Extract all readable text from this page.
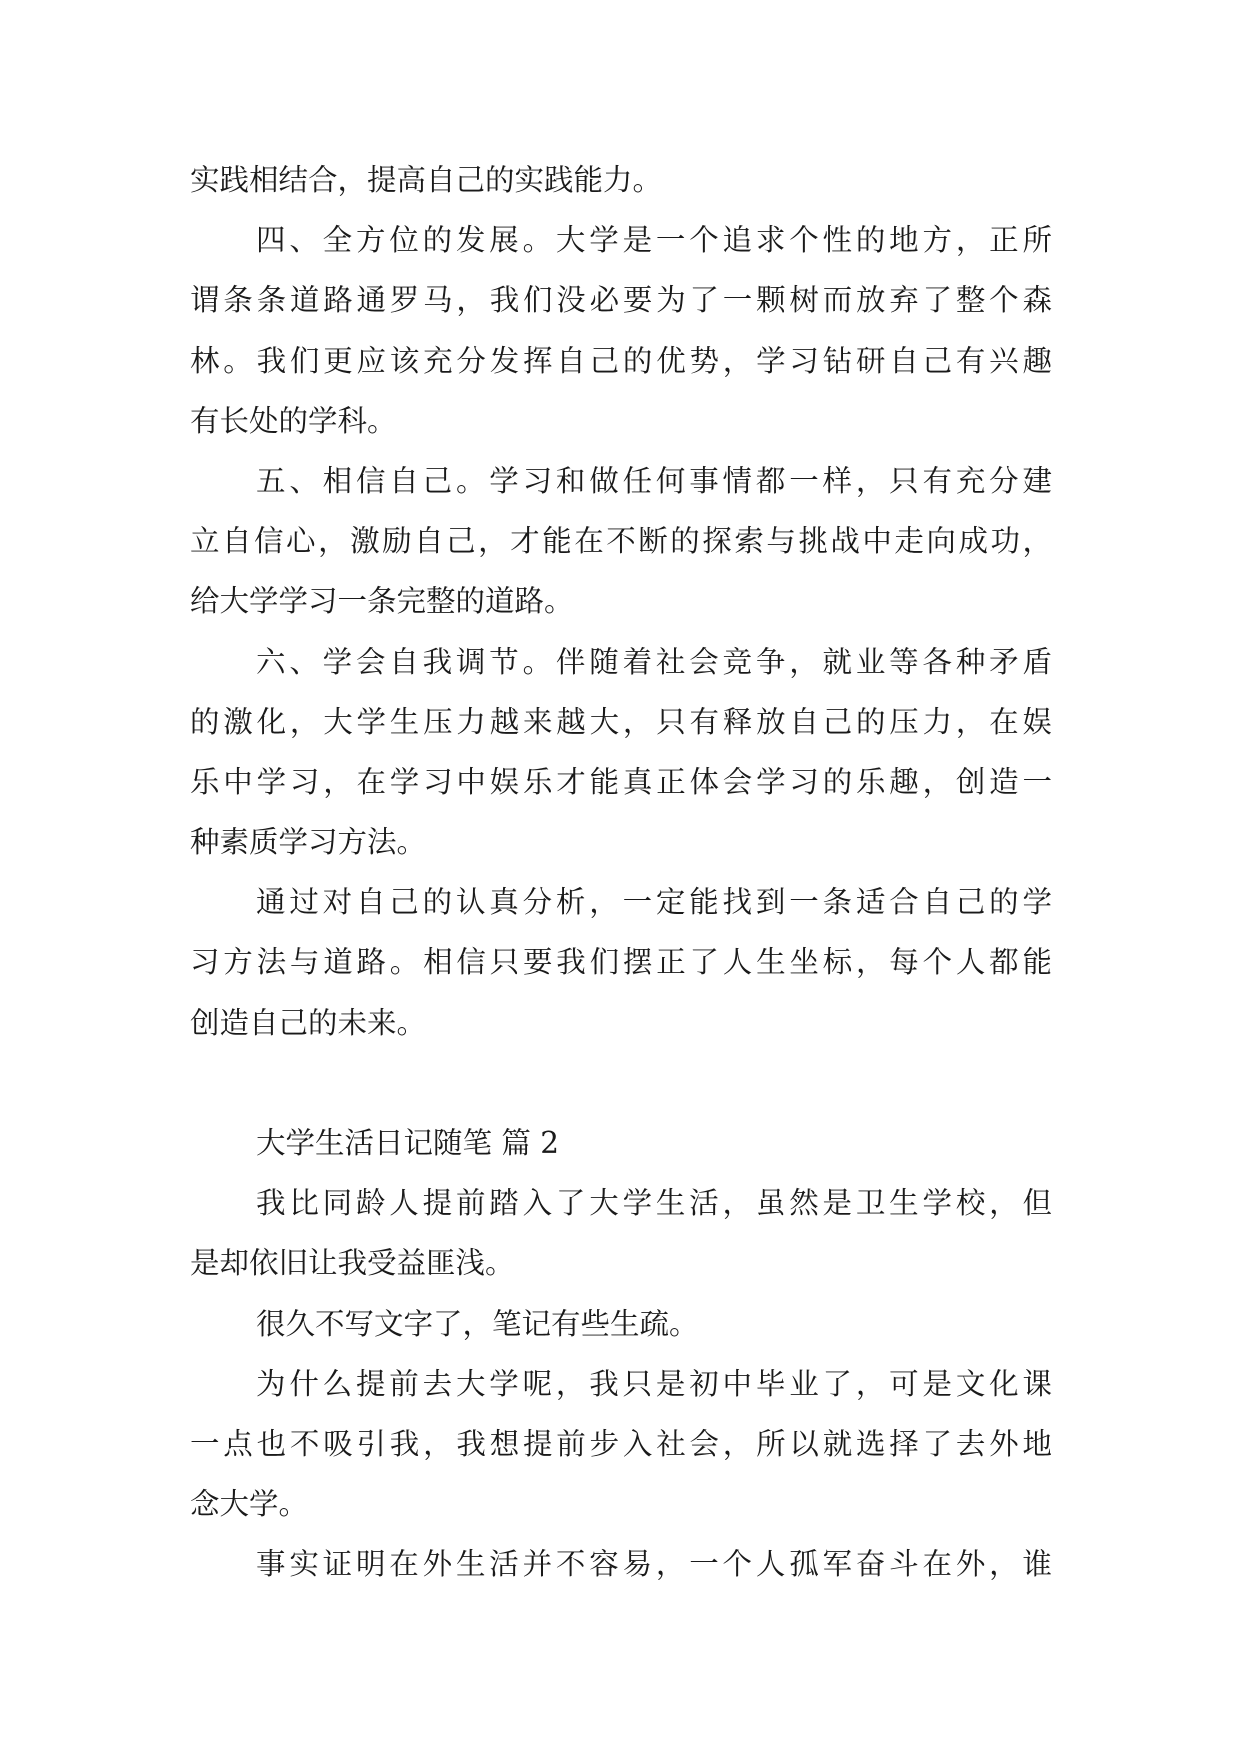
实践相结合，提高自己的实践能力。
四、全方位的发展。大学是一个追求个性的地方，正所
谓条条道路通罗马，我们没必要为了一颗树而放弃了整个森
林。我们更应该充分发挥自己的优势，学习钻研自己有兴趣
有长处的学科。
五、相信自己。学习和做任何事情都一样，只有充分建
立自信心，激励自己，才能在不断的探索与挑战中走向成功，
给大学学习一条完整的道路。
六、学会自我调节。伴随着社会竞争，就业等各种矛盾
的激化，大学生压力越来越大，只有释放自己的压力，在娱
乐中学习，在学习中娱乐才能真正体会学习的乐趣，创造一
种素质学习方法。
通过对自己的认真分析，一定能找到一条适合自己的学
习方法与道路。相信只要我们摆正了人生坐标，每个人都能
创造自己的未来。
大学生活日记随笔 篇 2
我比同龄人提前踏入了大学生活，虽然是卫生学校，但
是却依旧让我受益匪浅。
很久不写文字了，笔记有些生疏。
为什么提前去大学呢，我只是初中毕业了，可是文化课
一点也不吸引我，我想提前步入社会，所以就选择了去外地
念大学。
事实证明在外生活并不容易，一个人孤军奋斗在外，谁
